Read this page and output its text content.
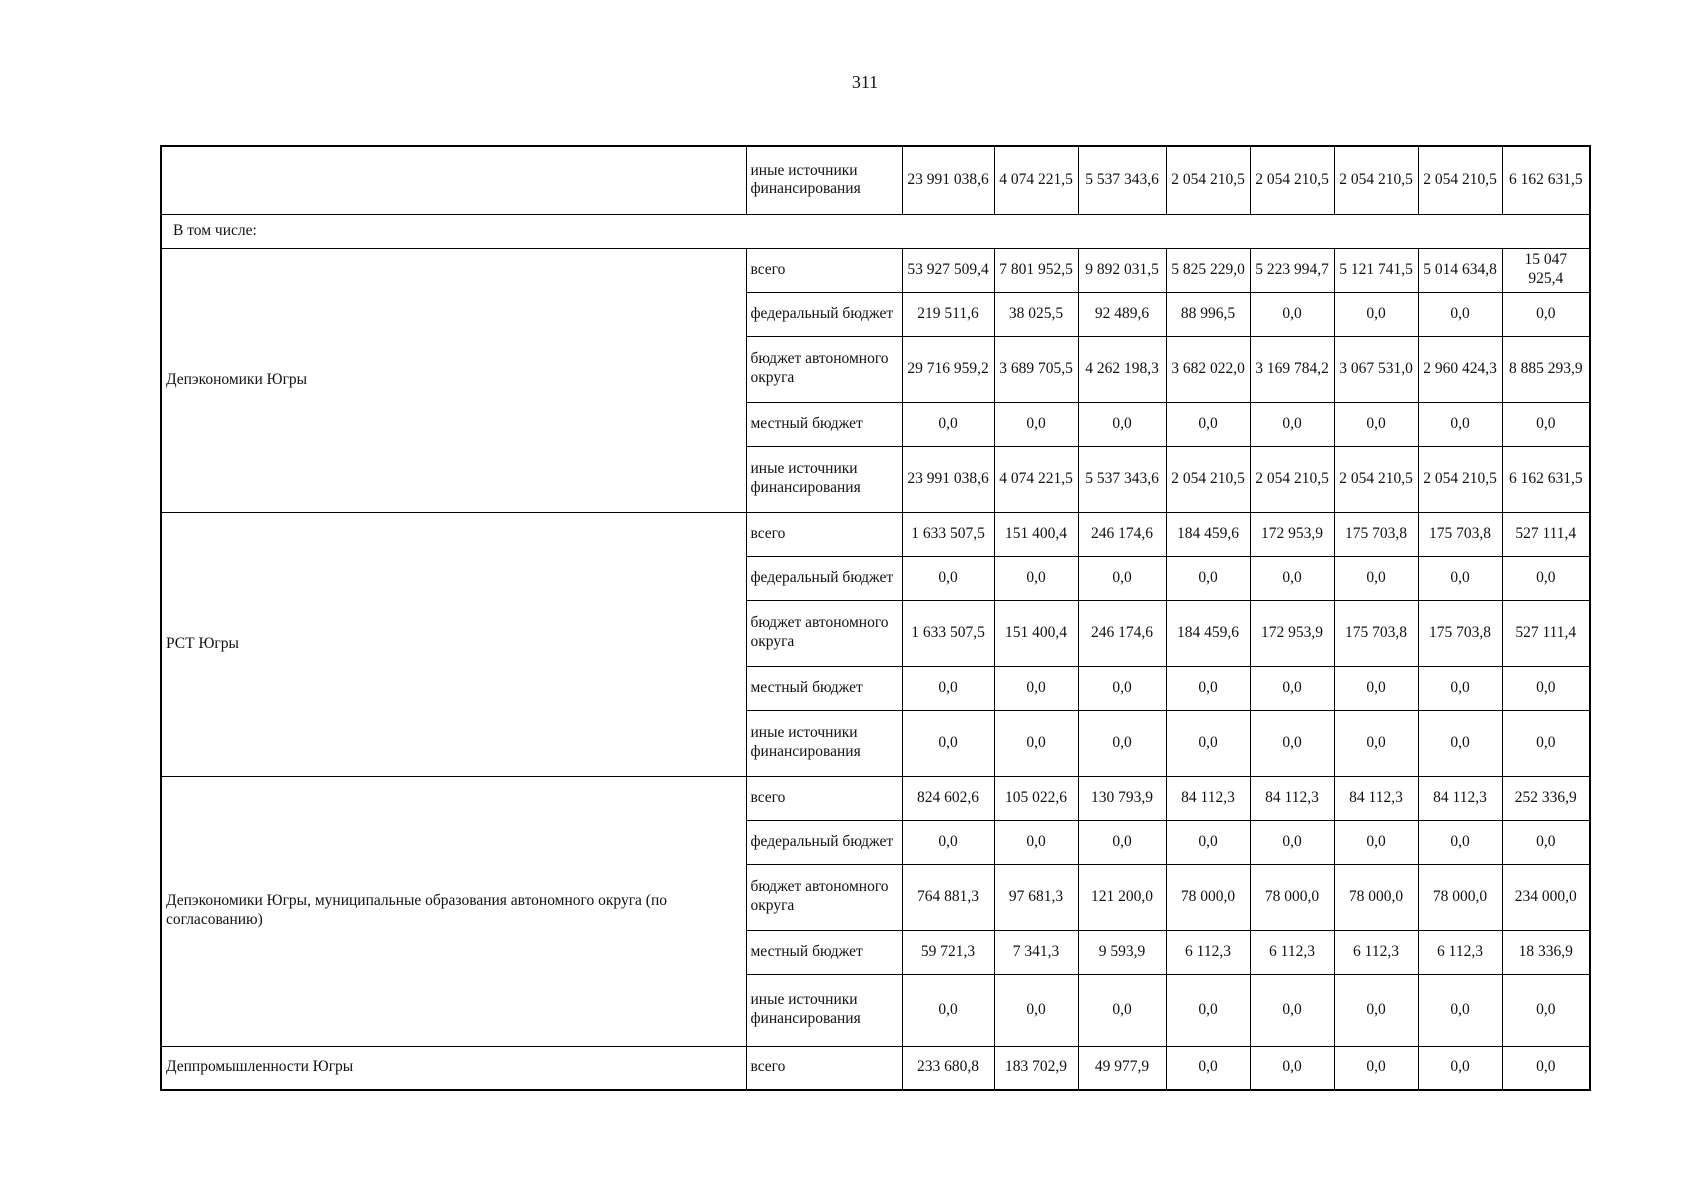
311
	иные источники финансирования	23 991 038,6	4 074 221,5	5 537 343,6	2 054 210,5	2 054 210,5	2 054 210,5	2 054 210,5	6 162 631,5
В том числе:									
Депэкономики Югры	всего	53 927 509,4	7 801 952,5	9 892 031,5	5 825 229,0	5 223 994,7	5 121 741,5	5 014 634,8	15 047 925,4
	федеральный бюджет	219 511,6	38 025,5	92 489,6	88 996,5	0,0	0,0	0,0	0,0
	бюджет автономного округа	29 716 959,2	3 689 705,5	4 262 198,3	3 682 022,0	3 169 784,2	3 067 531,0	2 960 424,3	8 885 293,9
	местный бюджет	0,0	0,0	0,0	0,0	0,0	0,0	0,0	0,0
	иные источники финансирования	23 991 038,6	4 074 221,5	5 537 343,6	2 054 210,5	2 054 210,5	2 054 210,5	2 054 210,5	6 162 631,5
РСТ Югры	всего	1 633 507,5	151 400,4	246 174,6	184 459,6	172 953,9	175 703,8	175 703,8	527 111,4
	федеральный бюджет	0,0	0,0	0,0	0,0	0,0	0,0	0,0	0,0
	бюджет автономного округа	1 633 507,5	151 400,4	246 174,6	184 459,6	172 953,9	175 703,8	175 703,8	527 111,4
	местный бюджет	0,0	0,0	0,0	0,0	0,0	0,0	0,0	0,0
	иные источники финансирования	0,0	0,0	0,0	0,0	0,0	0,0	0,0	0,0
Депэкономики Югры, муниципальные образования автономного округа (по согласованию)	всего	824 602,6	105 022,6	130 793,9	84 112,3	84 112,3	84 112,3	84 112,3	252 336,9
	федеральный бюджет	0,0	0,0	0,0	0,0	0,0	0,0	0,0	0,0
	бюджет автономного округа	764 881,3	97 681,3	121 200,0	78 000,0	78 000,0	78 000,0	78 000,0	234 000,0
	местный бюджет	59 721,3	7 341,3	9 593,9	6 112,3	6 112,3	6 112,3	6 112,3	18 336,9
	иные источники финансирования	0,0	0,0	0,0	0,0	0,0	0,0	0,0	0,0
Деппромышленности Югры	всего	233 680,8	183 702,9	49 977,9	0,0	0,0	0,0	0,0	0,0
